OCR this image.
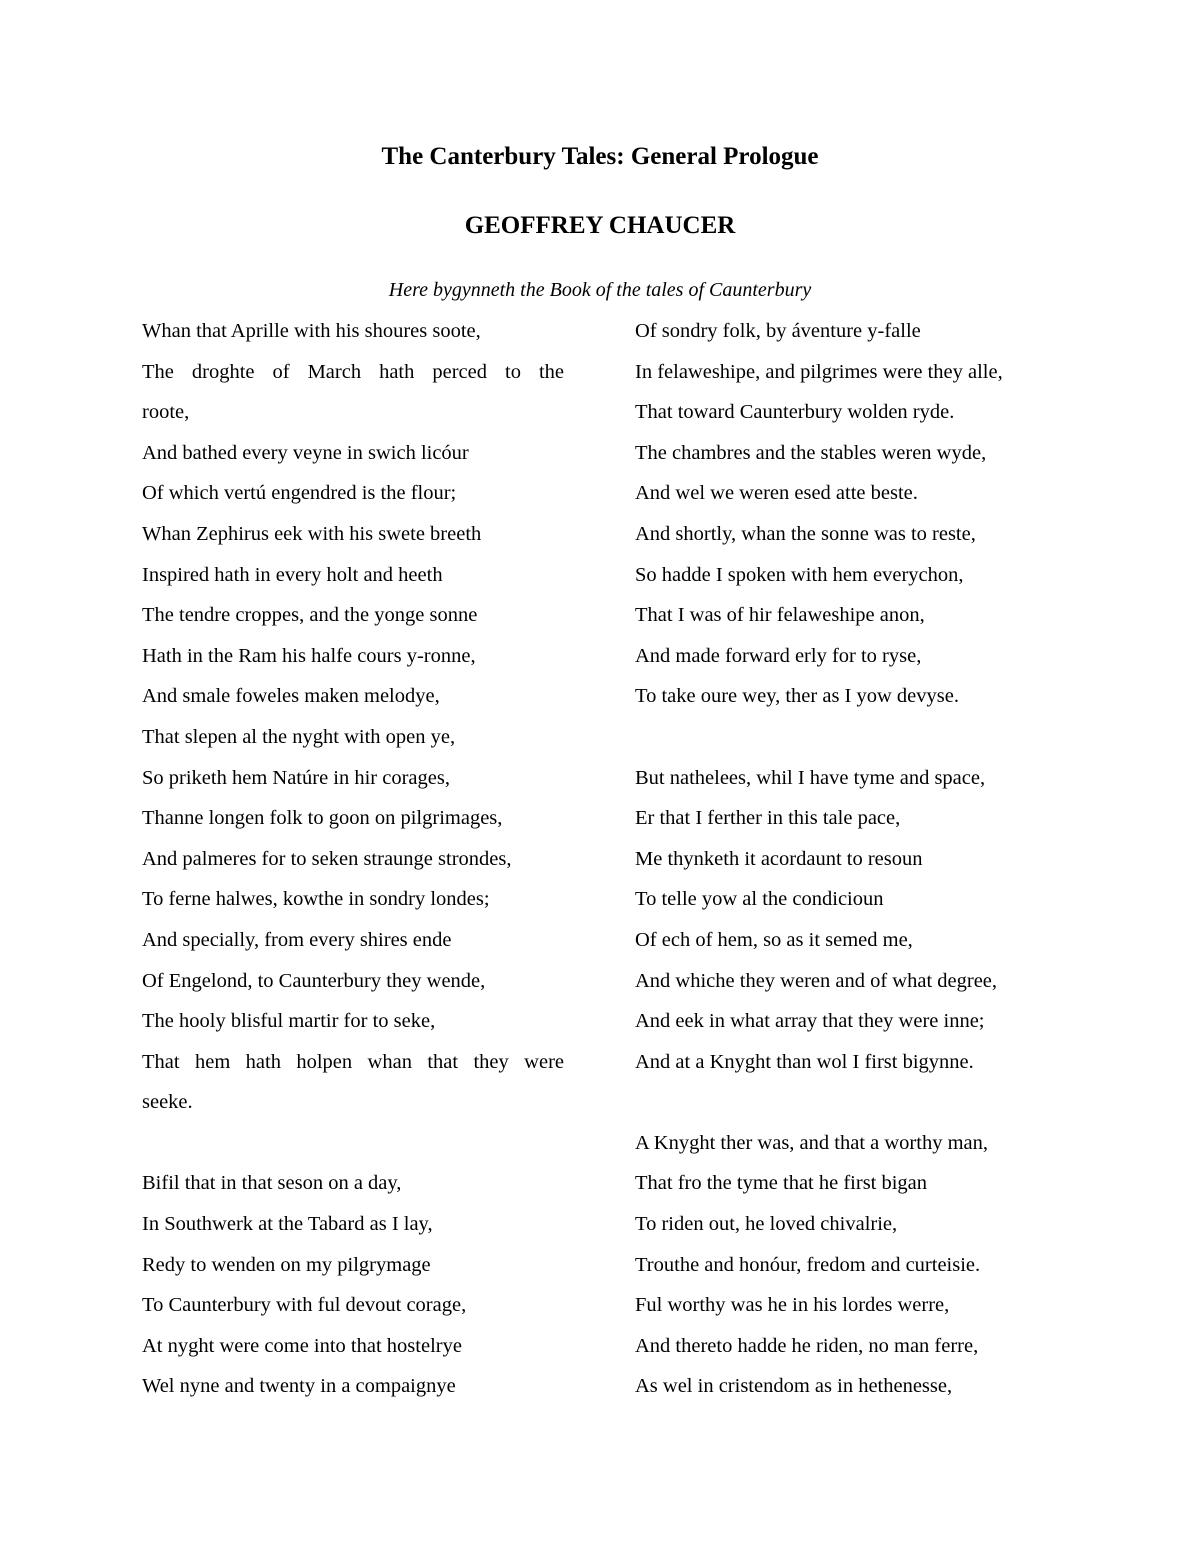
The Canterbury Tales: General Prologue
GEOFFREY CHAUCER

Here bygynneth the Book of the tales of Caunterbury

Whan that Aprille with his shoures soote,
The droghte of March hath perced to the
roote,
And bathed every veyne in swich licóur
Of which vertú engendred is the flour;
Whan Zephirus eek with his swete breeth
Inspired hath in every holt and heeth
The tendre croppes, and the yonge sonne
Hath in the Ram his halfe cours y-ronne,
And smale foweles maken melodye,
That slepen al the nyght with open ye,
So priketh hem Natúre in hir corages,
Thanne longen folk to goon on pilgrimages,
And palmeres for to seken straunge strondes,
To ferne halwes, kowthe in sondry londes;
And specially, from every shires ende
Of Engelond, to Caunterbury they wende,
The hooly blisful martir for to seke,
That hem hath holpen whan that they were
seeke.
Bifil that in that seson on a day,
In Southwerk at the Tabard as I lay,
Redy to wenden on my pilgrymage
To Caunterbury with ful devout corage,
At nyght were come into that hostelrye
Wel nyne and twenty in a compaignye
Of sondry folk, by áventure y-falle
In felaweshipe, and pilgrimes were they alle,
That toward Caunterbury wolden ryde.
The chambres and the stables weren wyde,
And wel we weren esed atte beste.
And shortly, whan the sonne was to reste,
So hadde I spoken with hem everychon,
That I was of hir felaweshipe anon,
And made forward erly for to ryse,
To take oure wey, ther as I yow devyse.
But nathelees, whil I have tyme and space,
Er that I ferther in this tale pace,
Me thynketh it acordaunt to resoun
To telle yow al the condicioun
Of ech of hem, so as it semed me,
And whiche they weren and of what degree,
And eek in what array that they were inne;
And at a Knyght than wol I first bigynne.
A Knyght ther was, and that a worthy man,
That fro the tyme that he first bigan
To riden out, he loved chivalrie,
Trouthe and honóur, fredom and curteisie.
Ful worthy was he in his lordes werre,
And thereto hadde he riden, no man ferre,
As wel in cristendom as in hethenesse,
